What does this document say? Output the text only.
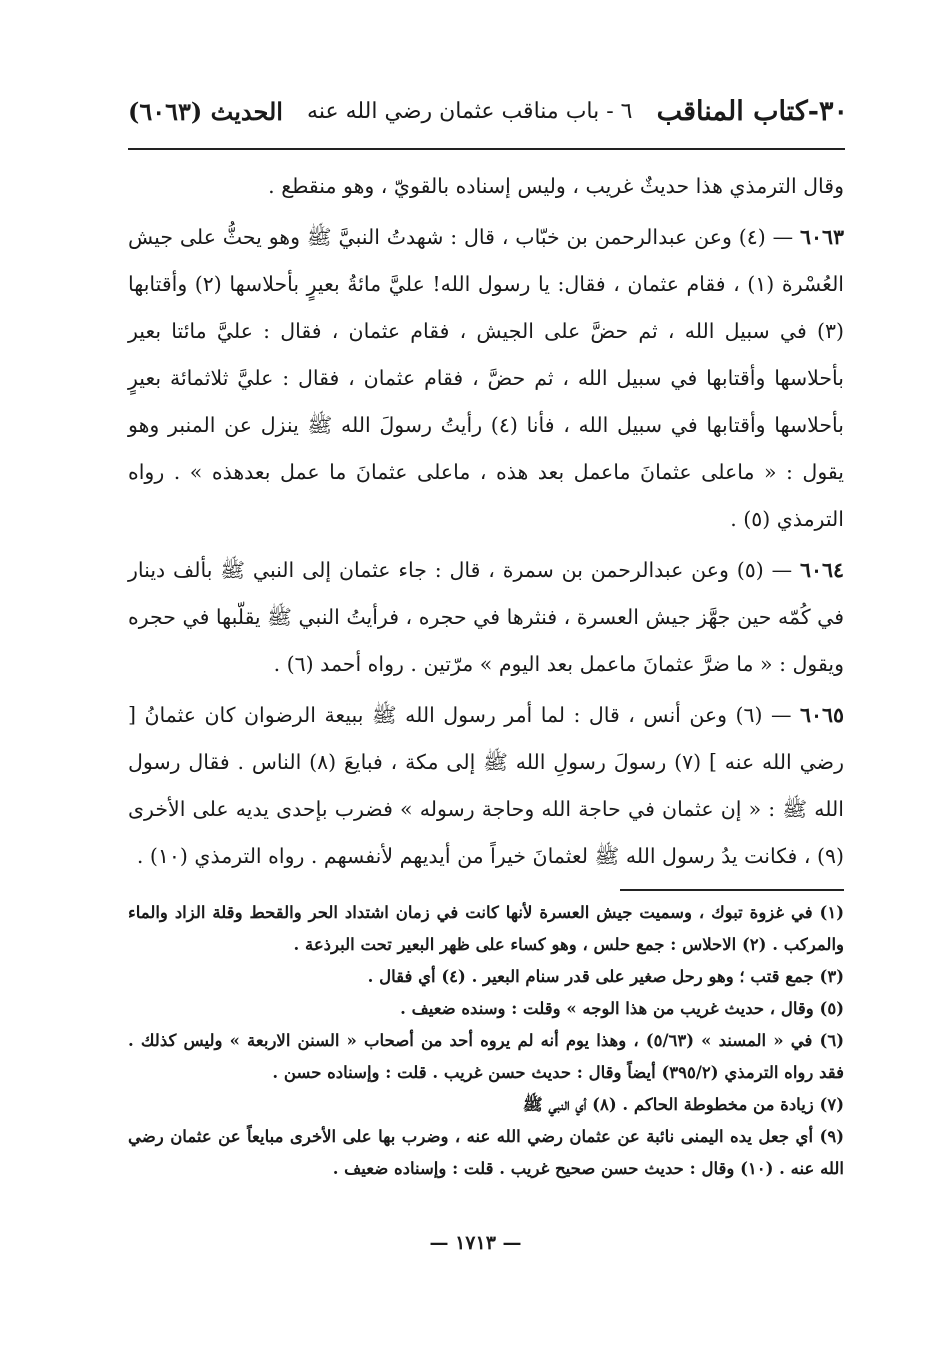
٣٠-كتاب المناقب
٦ - باب مناقب عثمان رضي الله عنه
الحديث (٦٠٦٣)

وقال الترمذي هذا حديثٌ غريب ، وليس إسناده بالقويّ ، وهو منقطع .

٦٠٦٣ — (٤) وعن عبدالرحمن بن خبّاب ، قال : شهدتُ النبيَّ ﷺ وهو يحثُّ على جيش العُسْرة (١) ، فقام عثمان ، فقال: يا رسول الله! عليَّ مائةُ بعيرٍ بأحلاسها (٢) وأقتابها (٣) في سبيل الله ، ثم حضَّ على الجيش ، فقام عثمان ، فقال : عليَّ مائتا بعير بأحلاسها وأقتابها في سبيل الله ، ثم حضَّ ، فقام عثمان ، فقال : عليَّ ثلاثمائة بعيرٍ بأحلاسها وأقتابها في سبيل الله ، فأنا (٤) رأيتُ رسولَ الله ﷺ ينزل عن المنبر وهو يقول : « ماعلى عثمانَ ماعمل بعد هذه ، ماعلى عثمانَ ما عمل بعدهذه » . رواه الترمذي (٥) .

٦٠٦٤ — (٥) وعن عبدالرحمن بن سمرة ، قال : جاء عثمان إلى النبي ﷺ بألف دينار في كُمّه حين جهَّز جيش العسرة ، فنثرها في حجره ، فرأيتُ النبي ﷺ يقلّبها في حجره ويقول : « ما ضرَّ عثمانَ ماعمل بعد اليوم » مرّتين . رواه أحمد (٦) .

٦٠٦٥ — (٦) وعن أنس ، قال : لما أمر رسول الله ﷺ ببيعة الرضوان كان عثمانُ [ رضي الله عنه ] (٧) رسولَ رسولِ الله ﷺ إلى مكة ، فبايعَ (٨) الناس . فقال رسول الله ﷺ : « إن عثمان في حاجة الله وحاجة رسوله » فضرب بإحدى يديه على الأخرى (٩) ، فكانت يدُ رسول الله ﷺ لعثمانَ خيراً من أيديهم لأنفسهم . رواه الترمذي (١٠) .

(١) في غزوة تبوك ، وسميت جيش العسرة لأنها كانت في زمان اشتداد الحر والقحط وقلة الزاد والماء والمركب . (٢) الاحلاس : جمع حلس ، وهو كساء على ظهر البعير تحت البرذعة .

(٣) جمع قتب ؛ وهو رحل صغير على قدر سنام البعير . (٤) أي فقال .

(٥) وقال ، حديث غريب من هذا الوجه » وقلت : وسنده ضعيف .

(٦) في « المسند » (٥/٦٣) ، وهذا يوم أنه لم يروه أحد من أصحاب « السنن الاربعة » وليس كذلك . فقد رواه الترمذي (٣٩٥/٢) أيضاً وقال : حديث حسن غريب . قلت : وإسناده حسن .

(٧) زيادة من مخطوطة الحاكم . (٨) أي النبي ﷺ

(٩) أي جعل يده اليمنى نائبة عن عثمان رضي الله عنه ، وضرب بها على الأخرى مبايعاً عن عثمان رضي الله عنه . (١٠) وقال : حديث حسن صحيح غريب . قلت : وإسناده ضعيف .

— ١٧١٣ —
